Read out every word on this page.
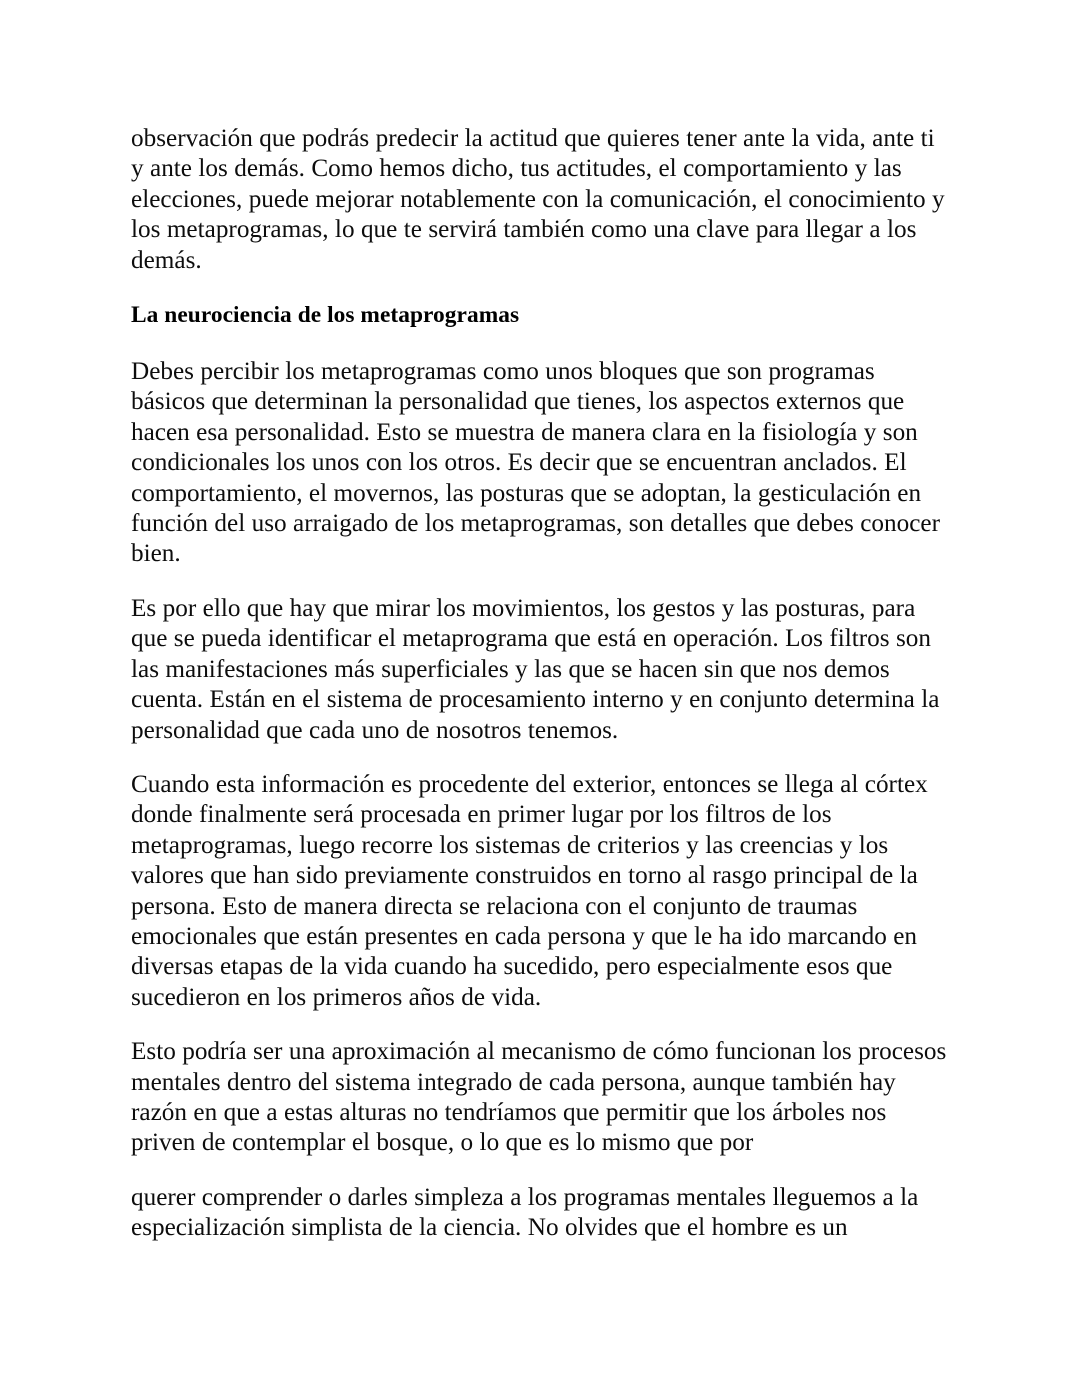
observación que podrás predecir la actitud que quieres tener ante la vida, ante ti y ante los demás. Como hemos dicho, tus actitudes, el comportamiento y las elecciones, puede mejorar notablemente con la comunicación, el conocimiento y los metaprogramas, lo que te servirá también como una clave para llegar a los demás.

La neurociencia de los metaprogramas

Debes percibir los metaprogramas como unos bloques que son programas básicos que determinan la personalidad que tienes, los aspectos externos que hacen esa personalidad. Esto se muestra de manera clara en la fisiología y son condicionales los unos con los otros. Es decir que se encuentran anclados. El comportamiento, el movernos, las posturas que se adoptan, la gesticulación en función del uso arraigado de los metaprogramas, son detalles que debes conocer bien.

Es por ello que hay que mirar los movimientos, los gestos y las posturas, para que se pueda identificar el metaprograma que está en operación. Los filtros son las manifestaciones más superficiales y las que se hacen sin que nos demos cuenta. Están en el sistema de procesamiento interno y en conjunto determina la personalidad que cada uno de nosotros tenemos.

Cuando esta información es procedente del exterior, entonces se llega al córtex donde finalmente será procesada en primer lugar por los filtros de los metaprogramas, luego recorre los sistemas de criterios y las creencias y los valores que han sido previamente construidos en torno al rasgo principal de la persona. Esto de manera directa se relaciona con el conjunto de traumas emocionales que están presentes en cada persona y que le ha ido marcando en diversas etapas de la vida cuando ha sucedido, pero especialmente esos que sucedieron en los primeros años de vida.

Esto podría ser una aproximación al mecanismo de cómo funcionan los procesos mentales dentro del sistema integrado de cada persona, aunque también hay razón en que a estas alturas no tendríamos que permitir que los árboles nos priven de contemplar el bosque, o lo que es lo mismo que por

querer comprender o darles simpleza a los programas mentales lleguemos a la especialización simplista de la ciencia. No olvides que el hombre es un
